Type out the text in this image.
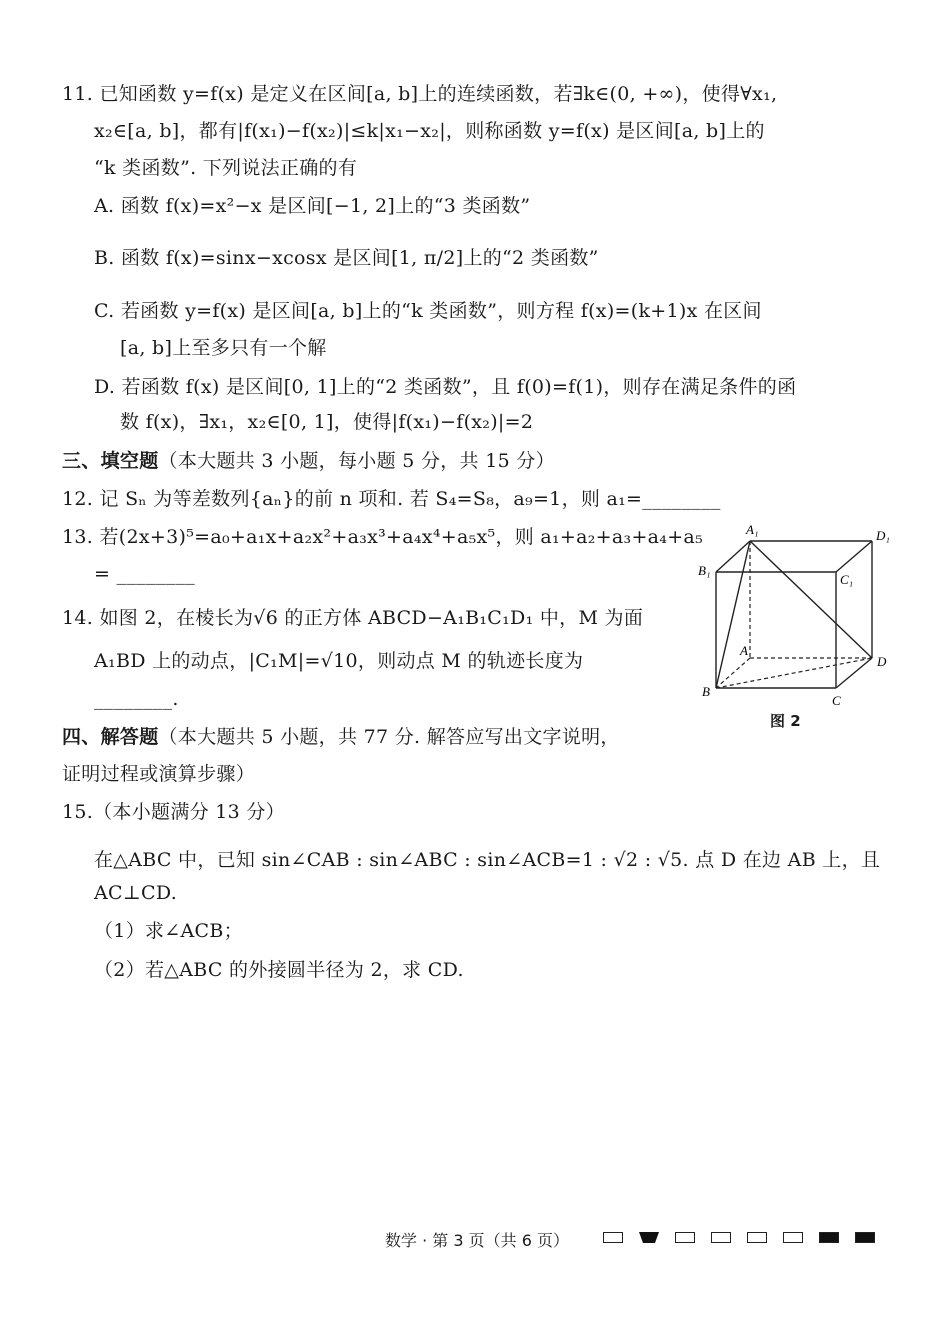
11. 已知函数 y=f(x) 是定义在区间[a, b]上的连续函数，若∃k∈(0, +∞)，使得∀x₁,
x₂∈[a, b]，都有|f(x₁)−f(x₂)|≤k|x₁−x₂|，则称函数 y=f(x) 是区间[a, b]上的
“k 类函数”. 下列说法正确的有
A. 函数 f(x)=x²−x 是区间[−1, 2]上的“3 类函数”
B. 函数 f(x)=sinx−xcosx 是区间[1, π/2]上的“2 类函数”
C. 若函数 y=f(x) 是区间[a, b]上的“k 类函数”，则方程 f(x)=(k+1)x 在区间
[a, b]上至多只有一个解
D. 若函数 f(x) 是区间[0, 1]上的“2 类函数”，且 f(0)=f(1)，则存在满足条件的函
数 f(x)，∃x₁，x₂∈[0, 1]，使得|f(x₁)−f(x₂)|=2
三、填空题（本大题共 3 小题，每小题 5 分，共 15 分）
12. 记 Sₙ 为等差数列{aₙ}的前 n 项和. 若 S₄=S₈，a₉=1，则 a₁=________
13. 若(2x+3)⁵=a₀+a₁x+a₂x²+a₃x³+a₄x⁴+a₅x⁵，则 a₁+a₂+a₃+a₄+a₅
= ________
14. 如图 2，在棱长为√6 的正方体 ABCD−A₁B₁C₁D₁ 中，M 为面
A₁BD 上的动点，|C₁M|=√10，则动点 M 的轨迹长度为
________.
A₁	D₁
B₁
C₁
A
D
B
C
图 2
四、解答题（本大题共 5 小题，共 77 分. 解答应写出文字说明，
证明过程或演算步骤）
15.（本小题满分 13 分）
在△ABC 中，已知 sin∠CAB : sin∠ABC : sin∠ACB=1 : √2 : √5. 点 D 在边 AB 上，且
AC⊥CD.
（1）求∠ACB；
（2）若△ABC 的外接圆半径为 2，求 CD.
数学 · 第 3 页（共 6 页）
